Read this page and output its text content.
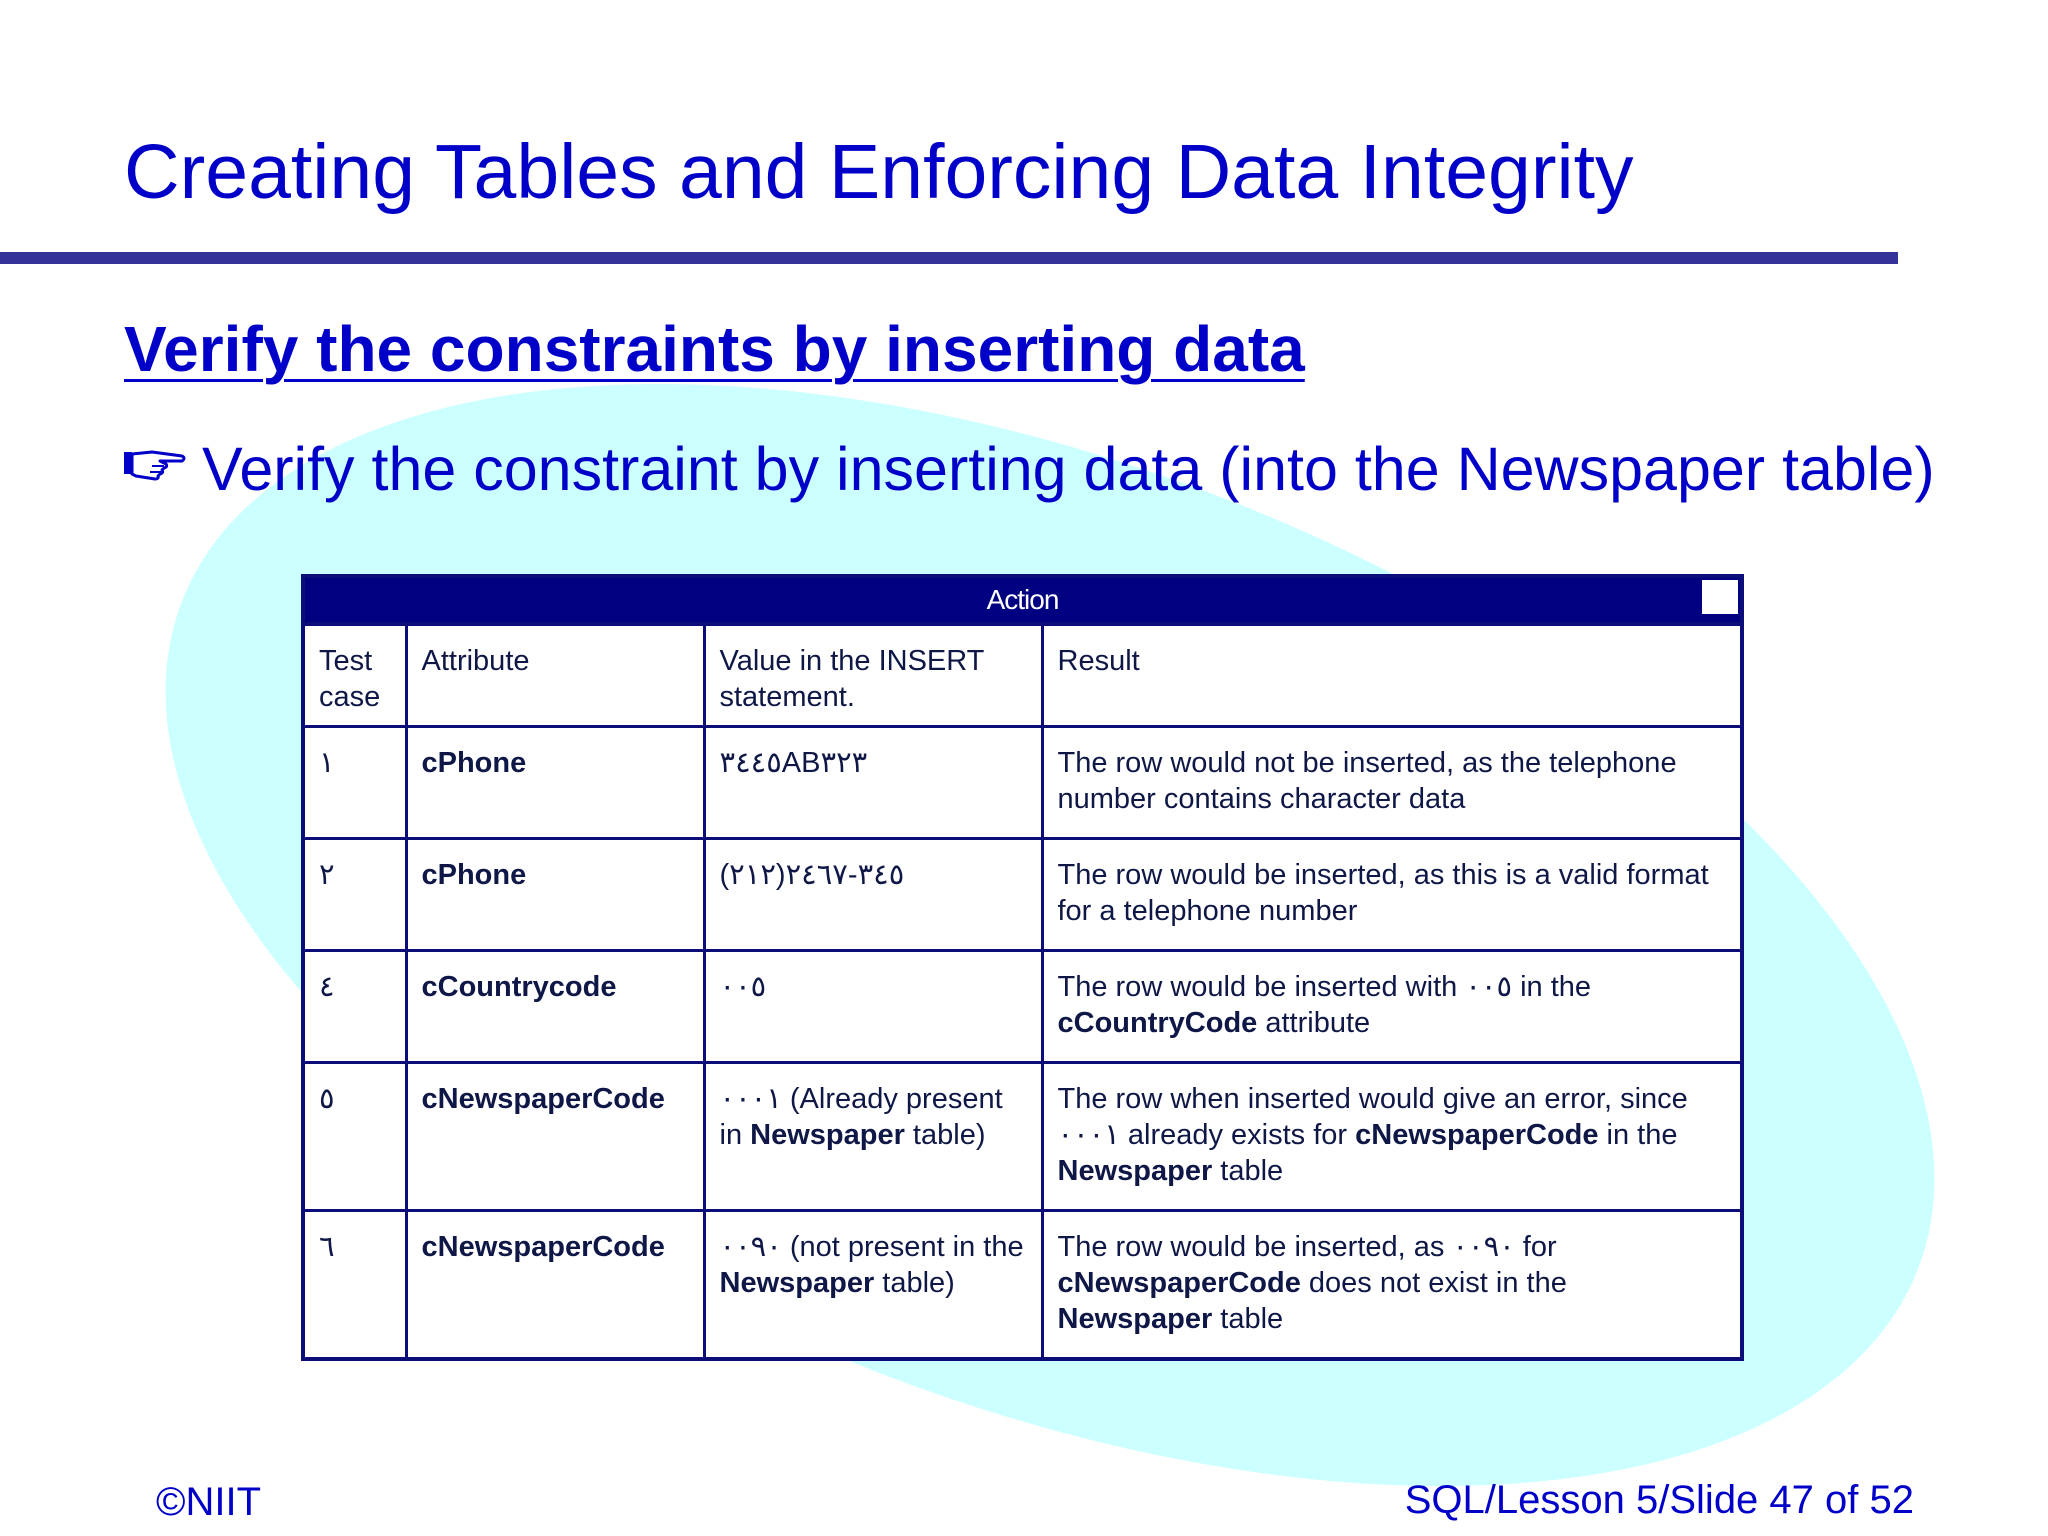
Creating Tables and Enforcing Data Integrity
Verify the constraints by inserting data
Verify the constraint by inserting data (into the Newspaper table)
Action			

Test case	Attribute	Value in the INSERT statement.	Result
١	cPhone	٣٤٤٥AB٣٢٣	The row would not be inserted, as the telephone number contains character data
٢	cPhone	(٢١٢)٣٤٥-٢٤٦٧	The row would be inserted, as this is a valid format for a telephone number
٤	cCountrycode	٠٠٥	The row would be inserted with ٠٠٥ in the cCountryCode attribute
٥	cNewspaperCode	٠٠٠١ (Already present in Newspaper table)	The row when inserted would give an error, since ٠٠٠١ already exists for cNewspaperCode in the Newspaper table
٦	cNewspaperCode	٠٠٩٠ (not present in the Newspaper table)	The row would be inserted, as ٠٠٩٠ for cNewspaperCode does not exist in the Newspaper table
©NIIT	SQL/Lesson 5/Slide 47 of 52
